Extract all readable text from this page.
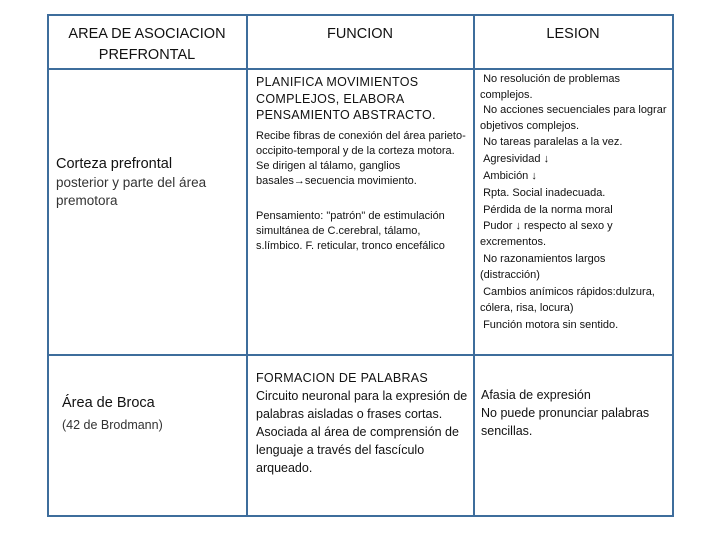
AREA DE ASOCIACION PREFRONTAL
FUNCION	LESION
Corteza prefrontal
posterior y parte del área premotora
PLANIFICA MOVIMIENTOS COMPLEJOS, ELABORA PENSAMIENTO ABSTRACTO.
Recibe fibras de conexión del área parieto-occipito-temporal y de la corteza motora.
Se dirigen al tálamo, ganglios basales→secuencia movimiento.
Pensamiento: "patrón" de estimulación simultánea de C.cerebral, tálamo, s.límbico. F. reticular, tronco encefálico
No resolución de problemas complejos.
No acciones secuenciales para lograr objetivos complejos.
No tareas paralelas a la vez.
Agresividad ↓
Ambición ↓
Rpta. Social inadecuada.
Pérdida de la norma moral
Pudor ↓ respecto al sexo y excrementos.
No razonamientos largos (distracción)
Cambios anímicos rápidos:dulzura, cólera, risa, locura)
Función motora sin sentido.
Área de Broca
(42 de Brodmann)
FORMACION DE PALABRAS
Circuito neuronal para la expresión de palabras aisladas o frases cortas.
Asociada al área de comprensión de lenguaje a través del fascículo arqueado.
Afasia de expresión
No puede pronunciar palabras sencillas.
